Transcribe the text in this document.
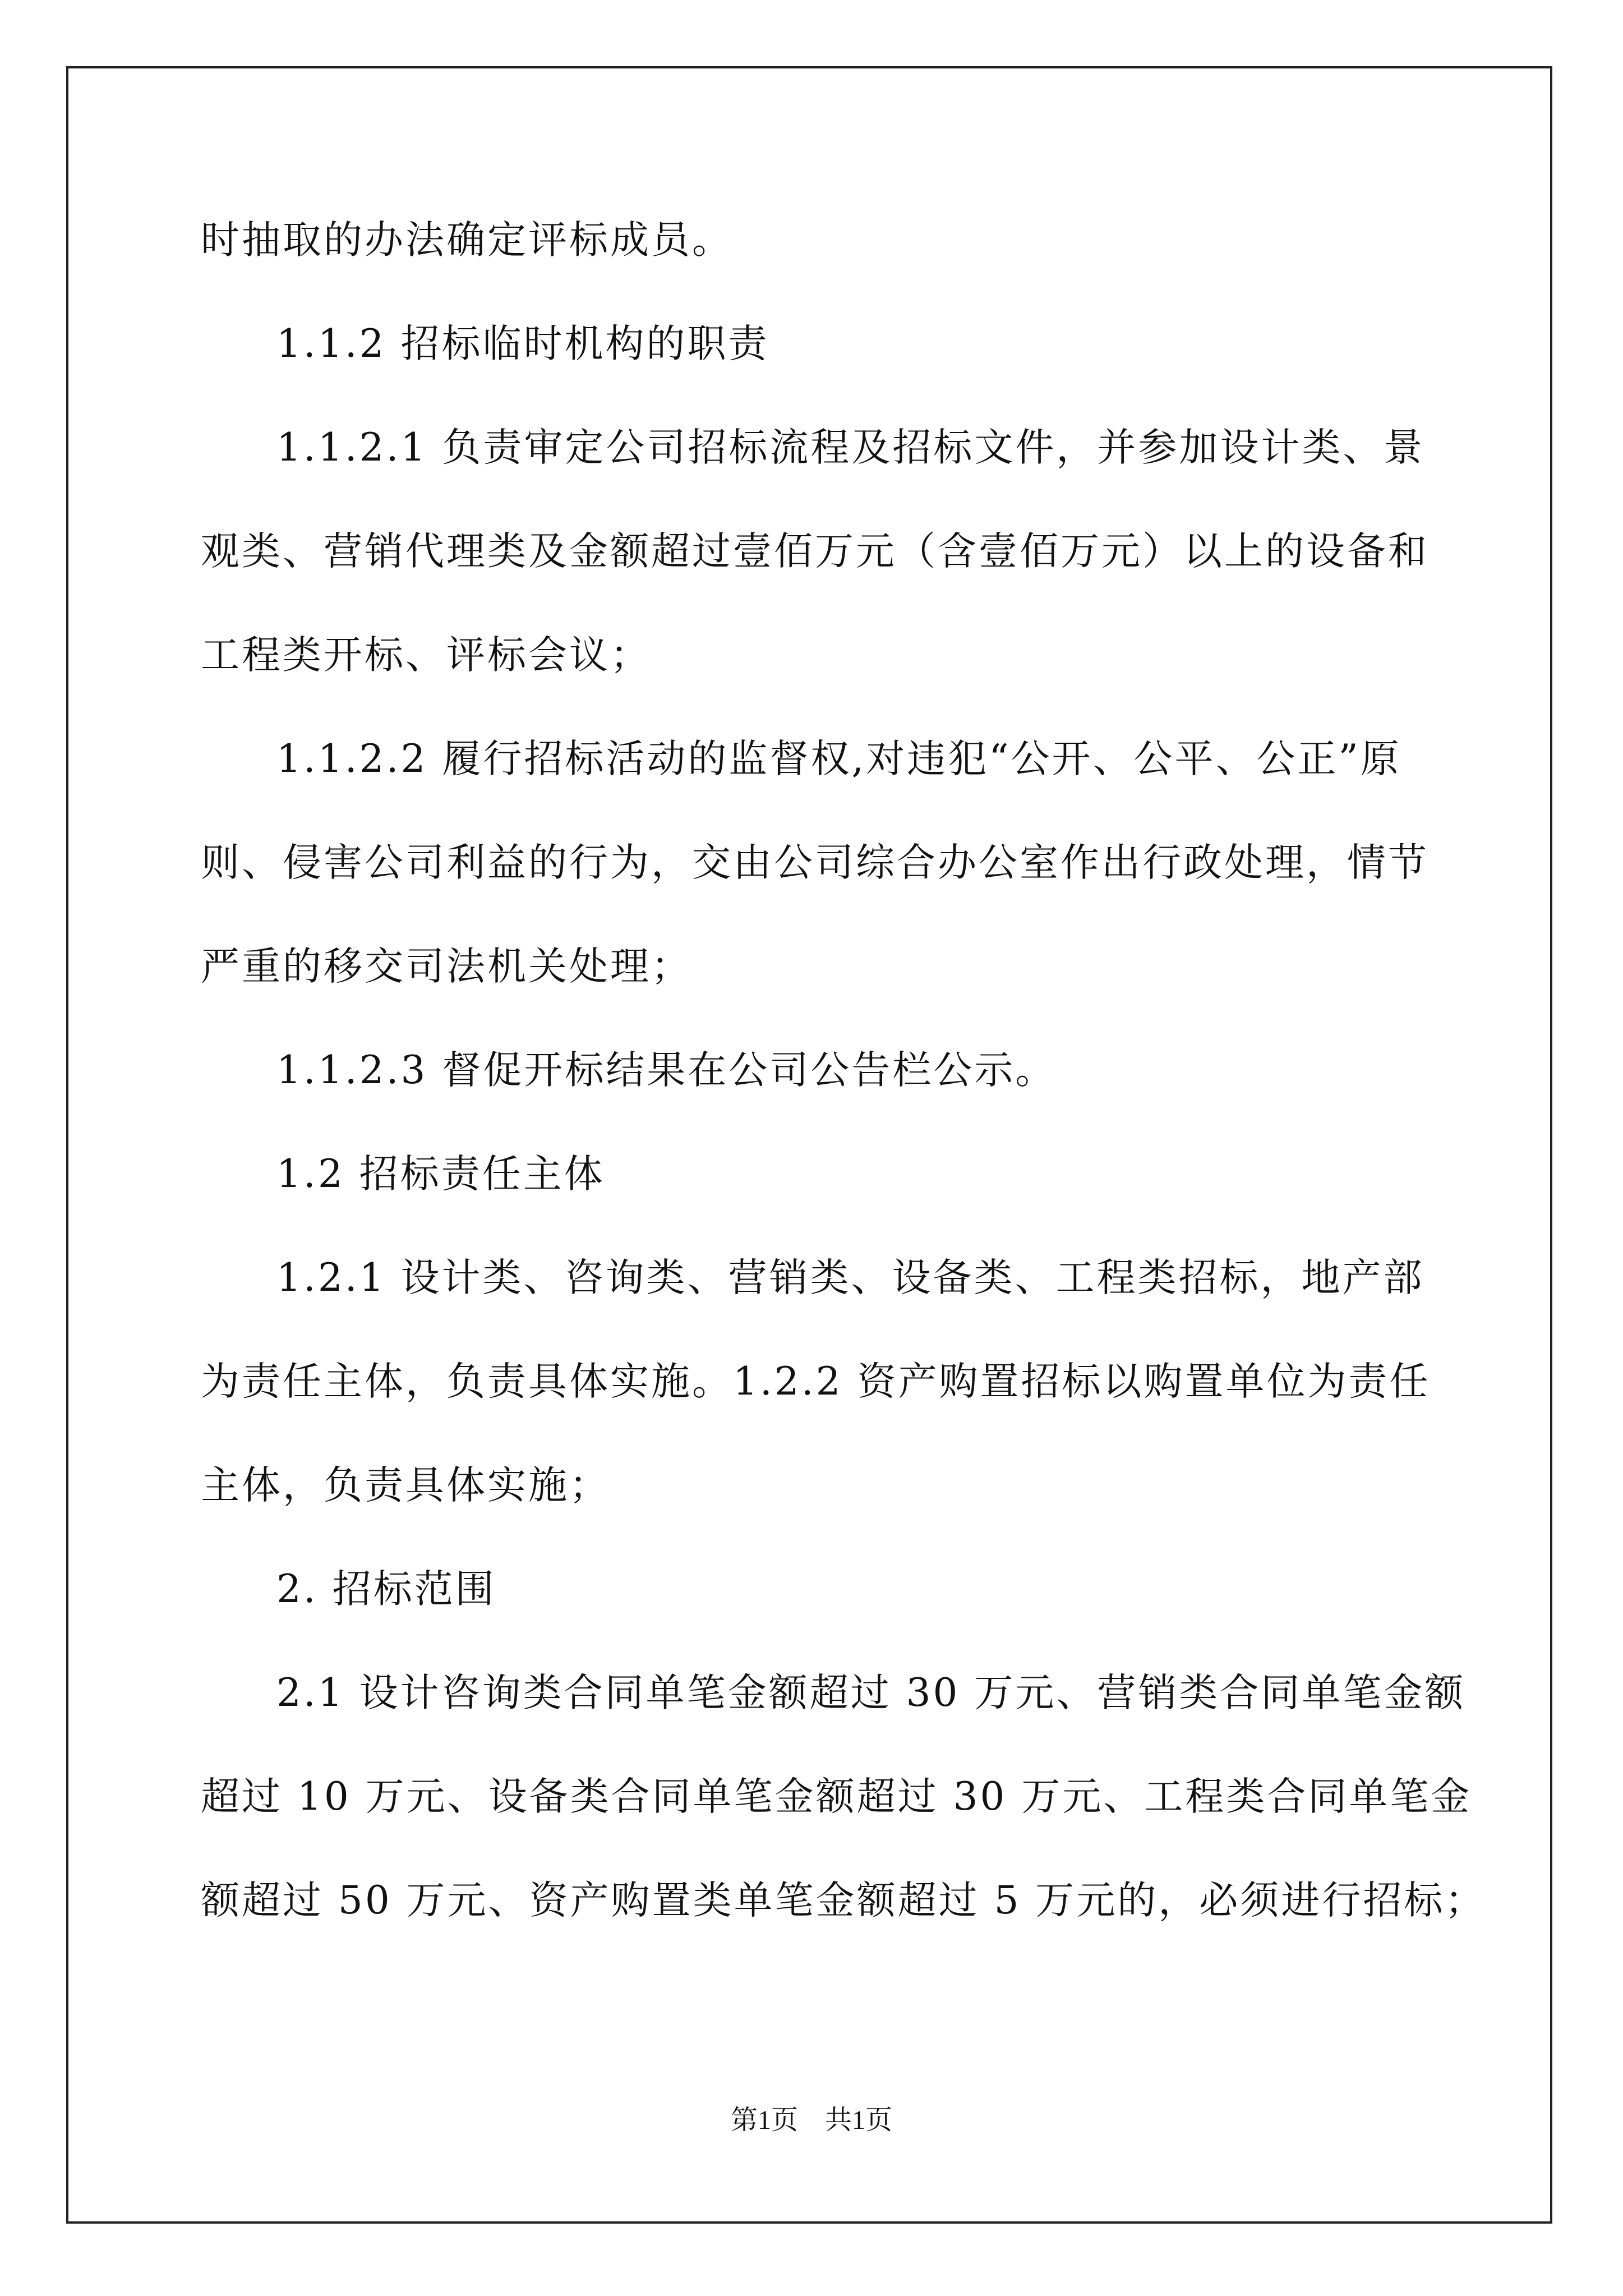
时抽取的办法确定评标成员。
1.1.2 招标临时机构的职责
1.1.2.1 负责审定公司招标流程及招标文件，并参加设计类、景
观类、营销代理类及金额超过壹佰万元（含壹佰万元）以上的设备和
工程类开标、评标会议；
1.1.2.2 履行招标活动的监督权,对违犯“公开、公平、公正”原
则、侵害公司利益的行为，交由公司综合办公室作出行政处理，情节
严重的移交司法机关处理；
1.1.2.3 督促开标结果在公司公告栏公示。
1.2 招标责任主体
1.2.1 设计类、咨询类、营销类、设备类、工程类招标，地产部
为责任主体，负责具体实施。1.2.2 资产购置招标以购置单位为责任
主体，负责具体实施；
2. 招标范围
2.1 设计咨询类合同单笔金额超过 30 万元、营销类合同单笔金额
超过 10 万元、设备类合同单笔金额超过 30 万元、工程类合同单笔金
额超过 50 万元、资产购置类单笔金额超过 5 万元的，必须进行招标；
第1页　共1页
